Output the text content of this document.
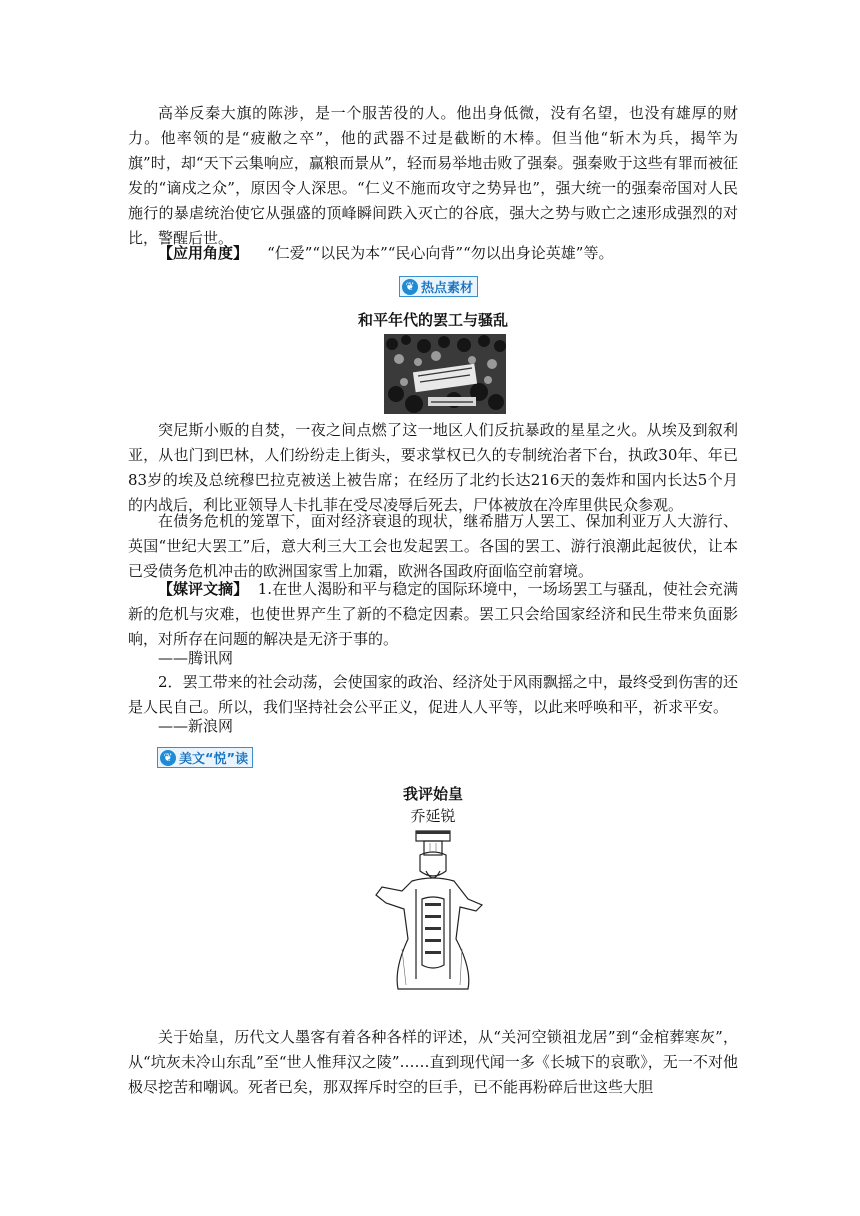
高举反秦大旗的陈涉，是一个服苦役的人。他出身低微，没有名望，也没有雄厚的财力。他率领的是“疲敝之卒”，他的武器不过是截断的木棒。但当他“斩木为兵，揭竿为旗”时，却“天下云集响应，赢粮而景从”，轻而易举地击败了强秦。强秦败于这些有罪而被征发的“谪戍之众”，原因令人深思。“仁义不施而攻守之势异也”，强大统一的强秦帝国对人民施行的暴虐统治使它从强盛的顶峰瞬间跌入灭亡的谷底，强大之势与败亡之速形成强烈的对比，警醒后世。

【应用角度】 “仁爱”“以民为本”“民心向背”“勿以出身论英雄”等。

❦ 热点素材

和平年代的罢工与骚乱

突尼斯小贩的自焚，一夜之间点燃了这一地区人们反抗暴政的星星之火。从埃及到叙利亚，从也门到巴林，人们纷纷走上街头，要求掌权已久的专制统治者下台，执政30年、年已83岁的埃及总统穆巴拉克被送上被告席；在经历了北约长达216天的轰炸和国内长达5个月的内战后，利比亚领导人卡扎菲在受尽凌辱后死去，尸体被放在冷库里供民众参观。

在债务危机的笼罩下，面对经济衰退的现状，继希腊万人罢工、保加利亚万人大游行、英国“世纪大罢工”后，意大利三大工会也发起罢工。各国的罢工、游行浪潮此起彼伏，让本已受债务危机冲击的欧洲国家雪上加霜，欧洲各国政府面临空前窘境。

【媒评文摘】 1.在世人渴盼和平与稳定的国际环境中，一场场罢工与骚乱，使社会充满新的危机与灾难，也使世界产生了新的不稳定因素。罢工只会给国家经济和民生带来负面影响，对所存在问题的解决是无济于事的。

——腾讯网

2．罢工带来的社会动荡，会使国家的政治、经济处于风雨飘摇之中，最终受到伤害的还是人民自己。所以，我们坚持社会公平正义，促进人人平等，以此来呼唤和平，祈求平安。

——新浪网

❦ 美文“悦”读

我评始皇

乔延锐

关于始皇，历代文人墨客有着各种各样的评述，从“关河空锁祖龙居”到“金棺葬寒灰”，从“坑灰未冷山东乱”至“世人惟拜汉之陵”……直到现代闻一多《长城下的哀歌》，无一不对他极尽挖苦和嘲讽。死者已矣，那双挥斥时空的巨手，已不能再粉碎后世这些大胆
